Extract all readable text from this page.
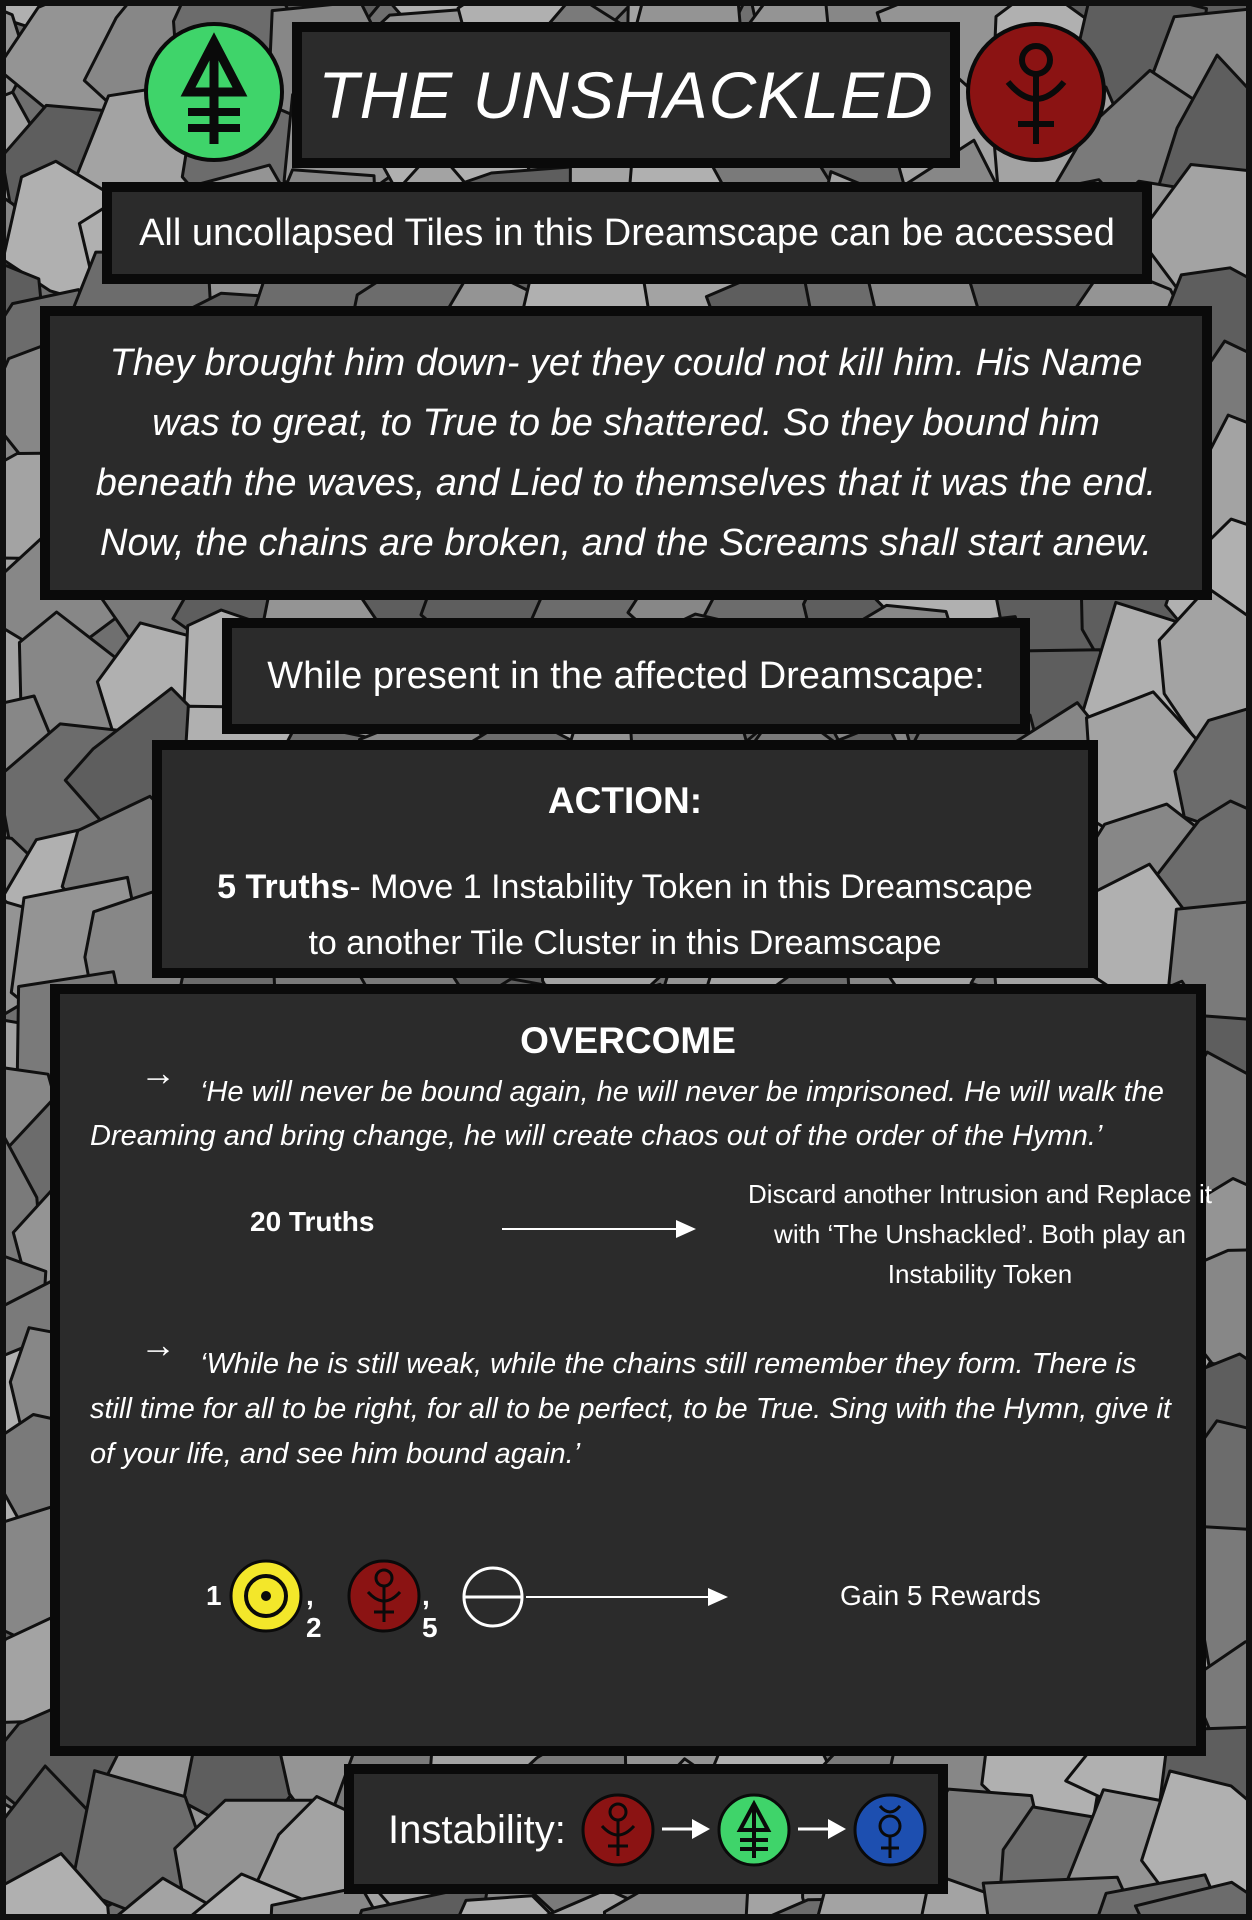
THE UNSHACKLED
All uncollapsed Tiles in this Dreamscape can be accessed
They brought him down- yet they could not kill him. His Name was to great, to True to be shattered. So they bound him beneath the waves, and Lied to themselves that it was the end. Now, the chains are broken, and the Screams shall start anew.
While present in the affected Dreamscape:
ACTION:
5 Truths- Move 1 Instability Token in this Dreamscape
to another Tile Cluster in this Dreamscape
OVERCOME
→ ‘He will never be bound again, he will never be imprisoned. He will walk the Dreaming and bring change, he will create chaos out of the order of the Hymn.’
20 Truths
Discard another Intrusion and Replace it with ‘The Unshackled’. Both play an Instability Token
→ ‘While he is still weak, while the chains still remember they form. There is still time for all to be right, for all to be perfect, to be True. Sing with the Hymn, give it of your life, and see him bound again.’
1	, 2
, 5
Gain 5 Rewards
Instability:
